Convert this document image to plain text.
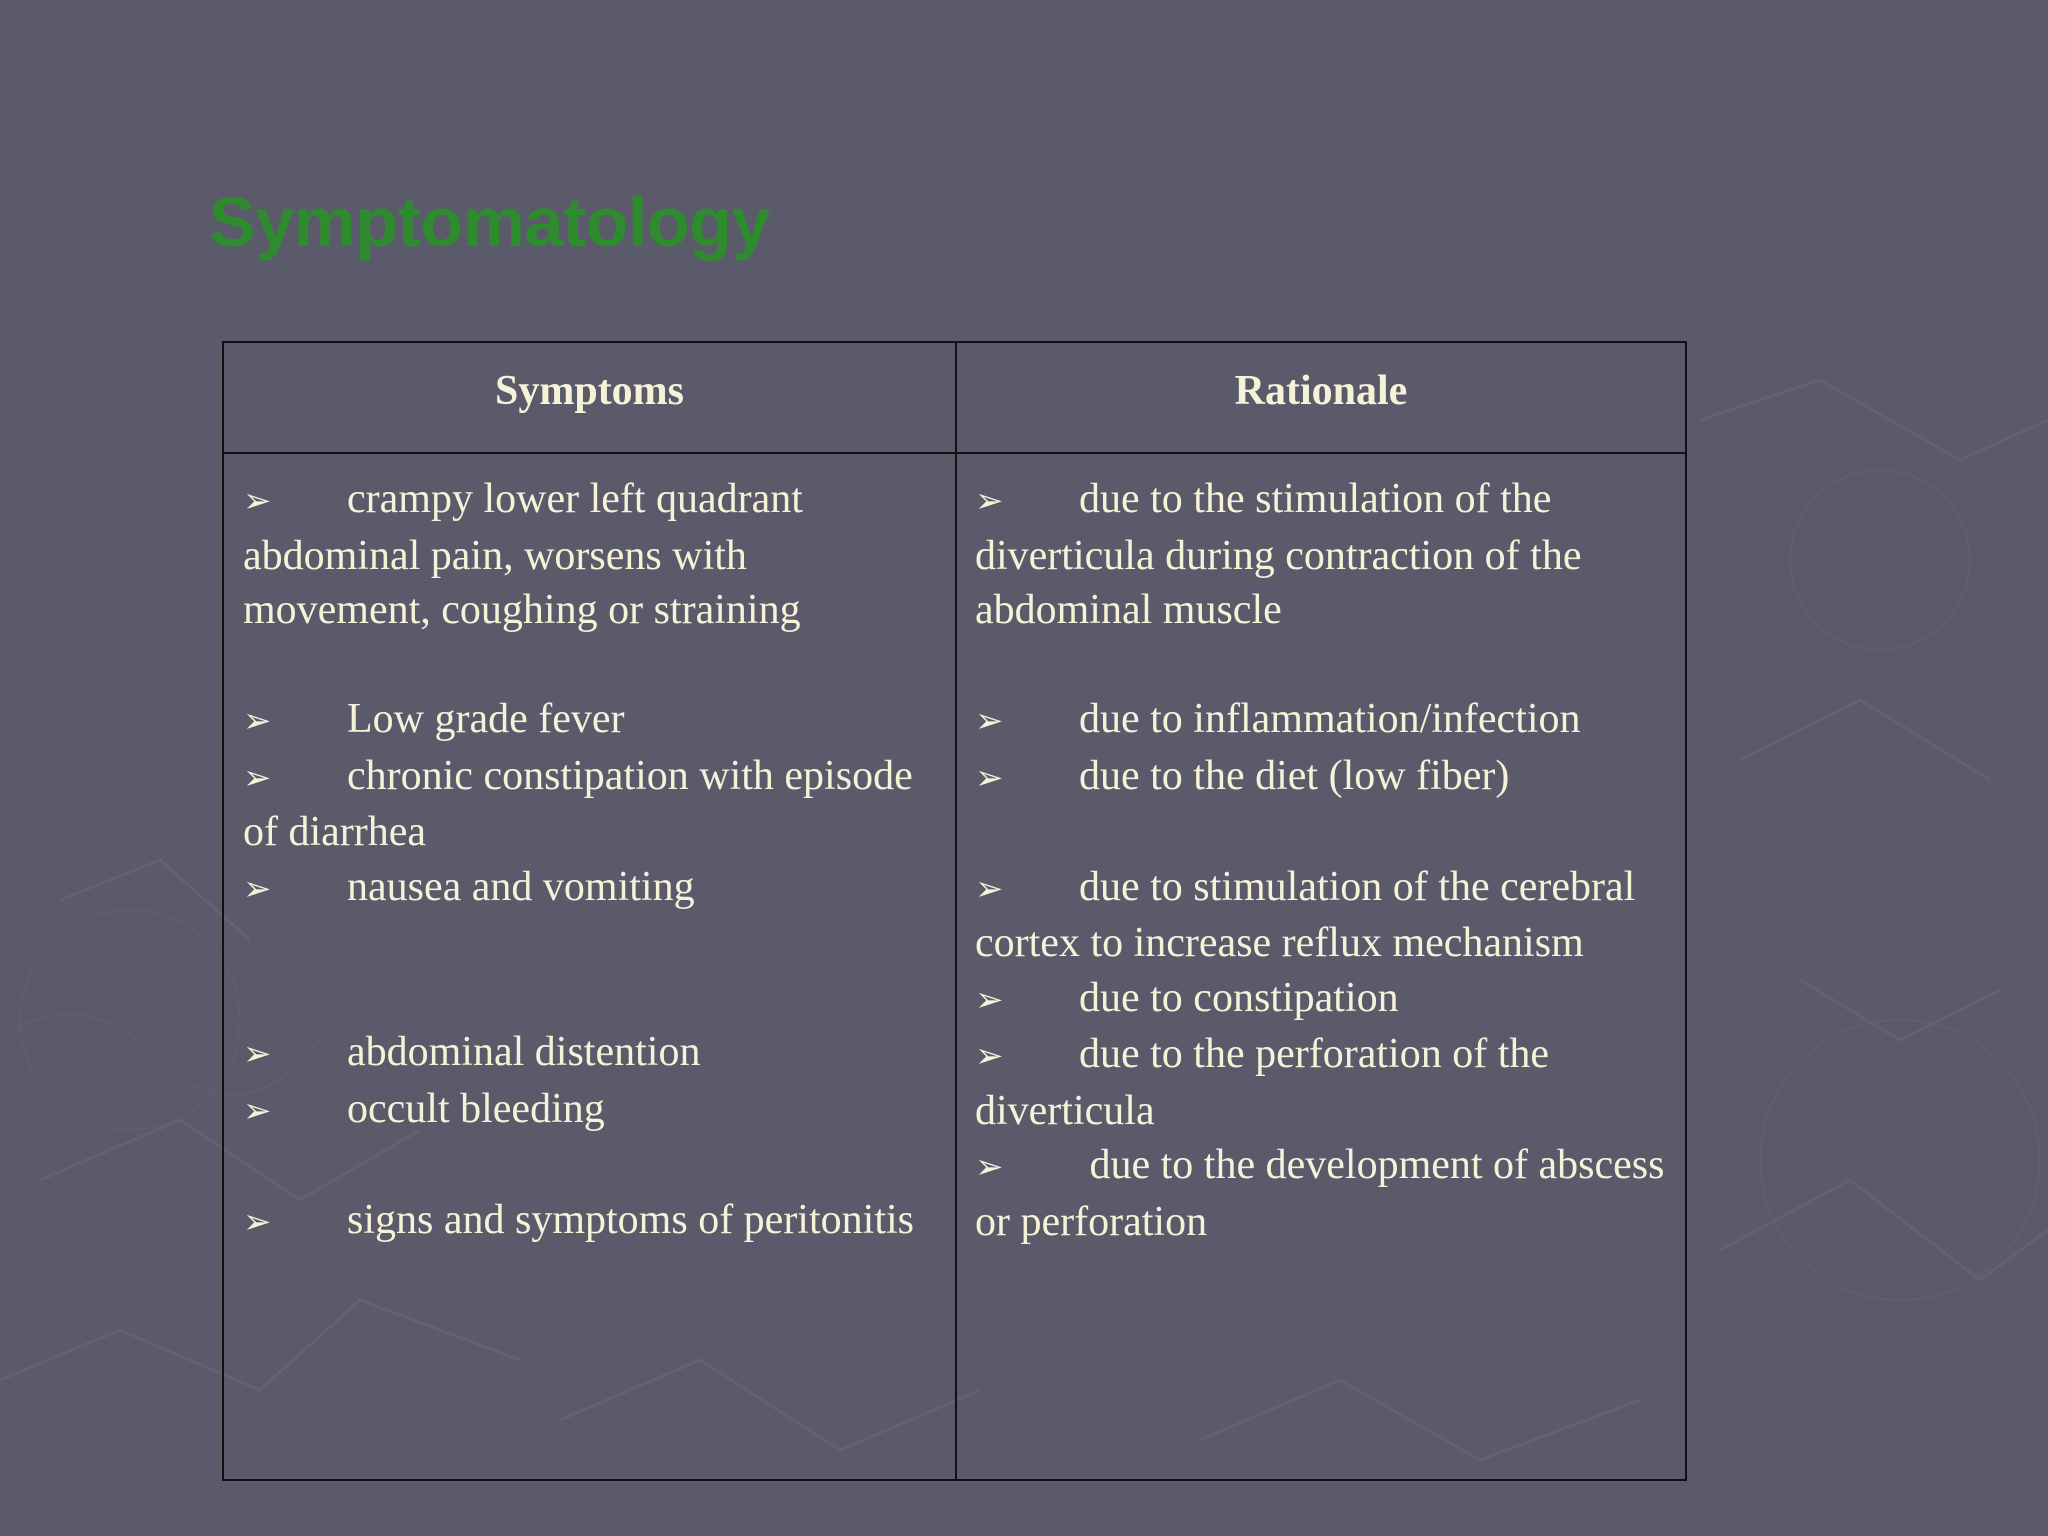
Symptomatology
Symptoms	Rationale

➢ crampy lower left quadrant abdominal pain, worsens with movement, coughing or straining

➢ Low grade fever

➢ chronic constipation with episode of diarrhea

➢ nausea and vomiting

➢ abdominal distention

➢ occult bleeding

➢ signs and symptoms of peritonitis

➢ due to the stimulation of the diverticula during contraction of the abdominal muscle

➢ due to inflammation/infection

➢ due to the diet (low fiber)

➢ due to stimulation of the cerebral cortex to increase reflux mechanism

➢ due to constipation

➢ due to the perforation of the diverticula

➢ due to the development of abscess or perforation
